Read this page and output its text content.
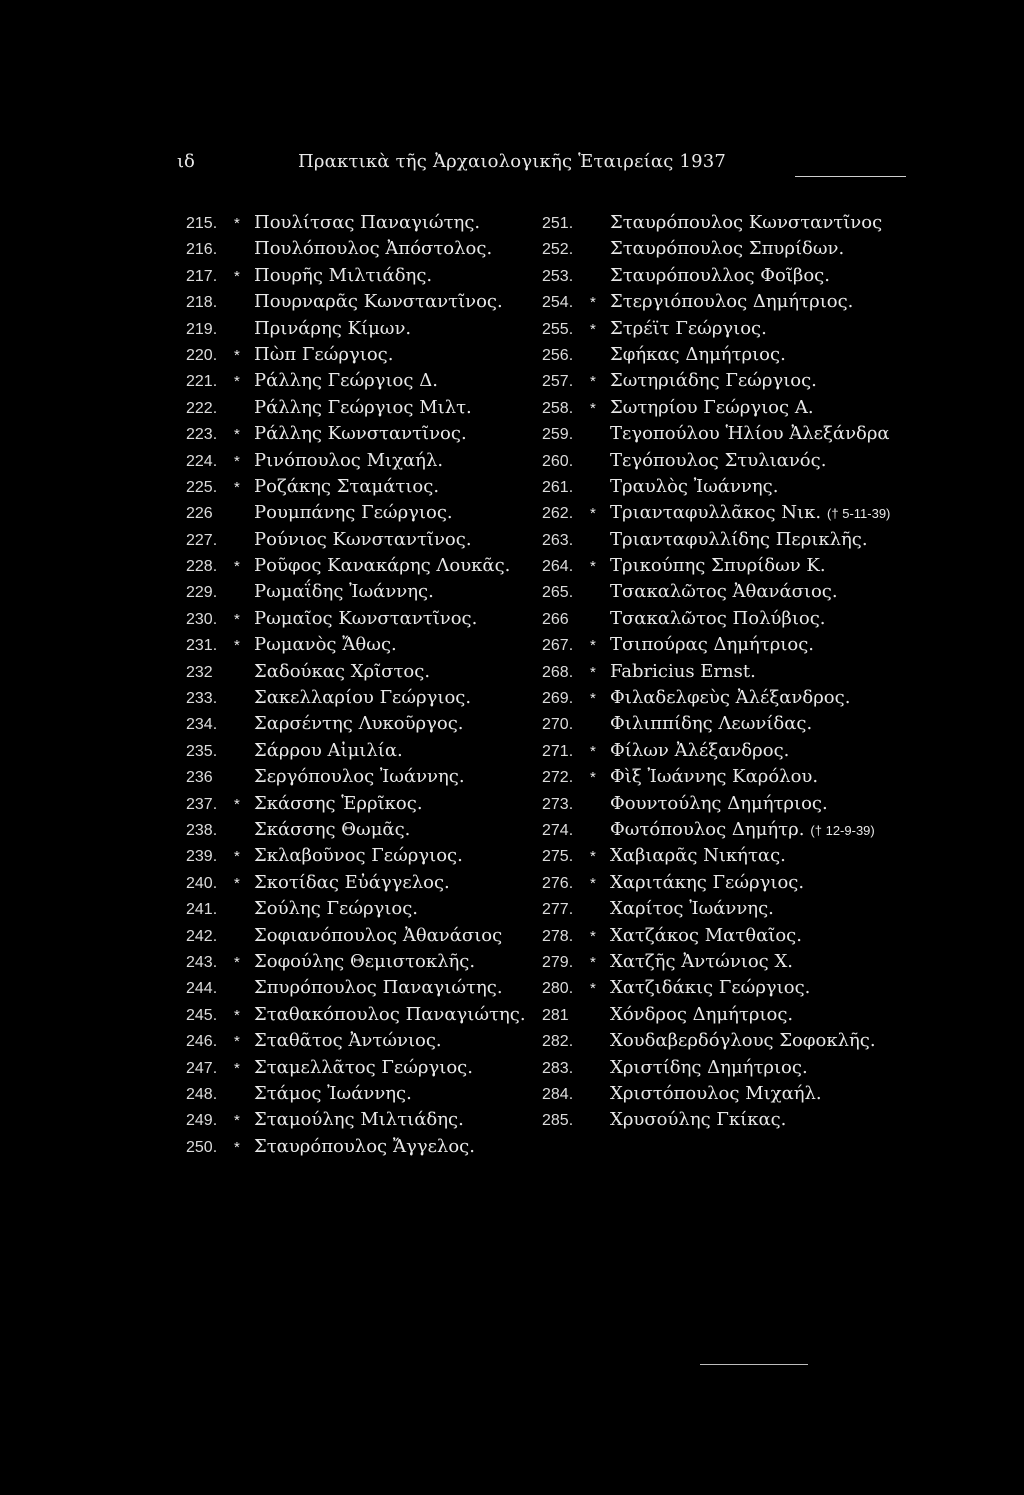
ιδ	Πρακτικὰ τῆς Ἀρχαιολογικῆς Ἑταιρείας 1937
215. * Πουλίτσας Παναγιώτης.
216. Πουλόπουλος Ἀπόστολος.
217. * Πουρῆς Μιλτιάδης.
218. Πουρναρᾶς Κωνσταντῖνος.
219. Πρινάρης Κίμων.
220. * Πὼπ Γεώργιος.
221. * Ράλλης Γεώργιος Δ.
222. Ράλλης Γεώργιος Μιλτ.
223. * Ράλλης Κωνσταντῖνος.
224. * Ρινόπουλος Μιχαήλ.
225. * Ροζάκης Σταμάτιος.
226 Ρουμπάνης Γεώργιος.
227. Ρούνιος Κωνσταντῖνος.
228. * Ροῦφος Κανακάρης Λουκᾶς.
229. Ρωμαΐδης Ἰωάννης.
230. * Ρωμαῖος Κωνσταντῖνος.
231. * Ρωμανὸς Ἄθως.
232 Σαδούκας Χρῖστος.
233. Σακελλαρίου Γεώργιος.
234. Σαρσέντης Λυκοῦργος.
235. Σάρρου Αἰμιλία.
236 Σεργόπουλος Ἰωάννης.
237. * Σκάσσης Ἑρρῖκος.
238. Σκάσσης Θωμᾶς.
239. * Σκλαβοῦνος Γεώργιος.
240. * Σκοτίδας Εὐάγγελος.
241. Σούλης Γεώργιος.
242. Σοφιανόπουλος Ἀθανάσιος
243. * Σοφούλης Θεμιστοκλῆς.
244. Σπυρόπουλος Παναγιώτης.
245. * Σταθακόπουλος Παναγιώτης.
246. * Σταθᾶτος Ἀντώνιος.
247. * Σταμελλᾶτος Γεώργιος.
248. Στάμος Ἰωάννης.
249. * Σταμούλης Μιλτιάδης.
250. * Σταυρόπουλος Ἄγγελος.
251. Σταυρόπουλος Κωνσταντῖνος
252. Σταυρόπουλος Σπυρίδων.
253. Σταυρόπουλλος Φοῖβος.
254. * Στεργιόπουλος Δημήτριος.
255. * Στρέϊτ Γεώργιος.
256. Σφήκας Δημήτριος.
257. * Σωτηριάδης Γεώργιος.
258. * Σωτηρίου Γεώργιος Α.
259. Τεγοπούλου Ἡλίου Ἀλεξάνδρα
260. Τεγόπουλος Στυλιανός.
261. Τραυλὸς Ἰωάννης.
262. * Τριανταφυλλᾶκος Νικ. († 5-11-39)
263. Τριανταφυλλίδης Περικλῆς.
264. * Τρικούπης Σπυρίδων Κ.
265. Τσακαλῶτος Ἀθανάσιος.
266 Τσακαλῶτος Πολύβιος.
267. * Τσιπούρας Δημήτριος.
268. * Fabricius Ernst.
269. * Φιλαδελφεὺς Ἀλέξανδρος.
270. Φιλιππίδης Λεωνίδας.
271. * Φίλων Ἀλέξανδρος.
272. * Φὶξ Ἰωάννης Καρόλου.
273. Φουντούλης Δημήτριος.
274. Φωτόπουλος Δημήτρ. († 12-9-39)
275. * Χαβιαρᾶς Νικήτας.
276. * Χαριτάκης Γεώργιος.
277. Χαρίτος Ἰωάννης.
278. * Χατζάκος Ματθαῖος.
279. * Χατζῆς Ἀντώνιος Χ.
280. * Χατζιδάκις Γεώργιος.
281 Χόνδρος Δημήτριος.
282. Χουδαβερδόγλους Σοφοκλῆς.
283. Χριστίδης Δημήτριος.
284. Χριστόπουλος Μιχαήλ.
285. Χρυσούλης Γκίκας.
